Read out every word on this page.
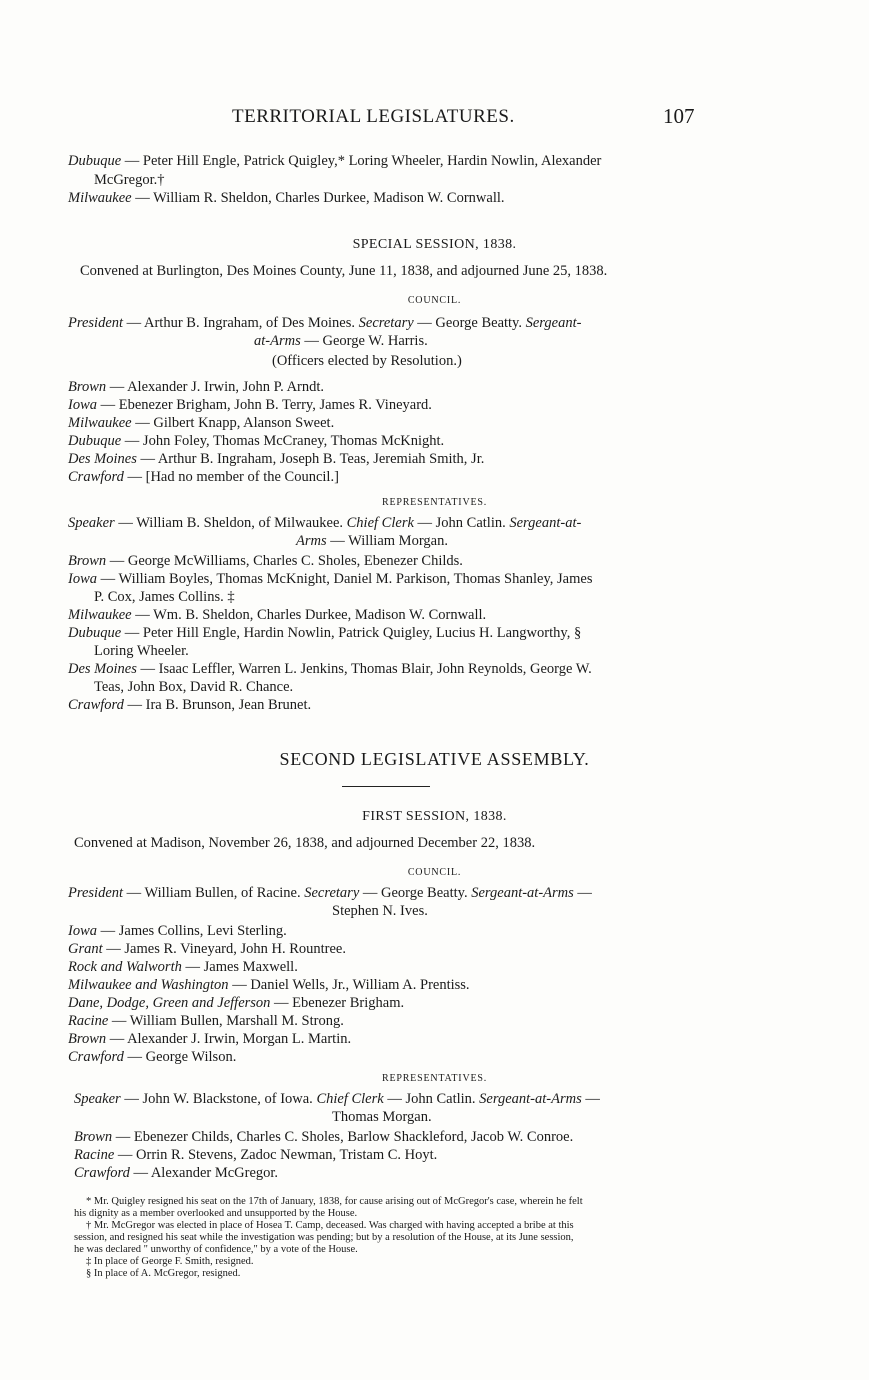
TERRITORIAL LEGISLATURES.	107
Dubuque — Peter Hill Engle, Patrick Quigley,* Loring Wheeler, Hardin Nowlin, Alexander
McGregor.†
Milwaukee — William R. Sheldon, Charles Durkee, Madison W. Cornwall.
SPECIAL SESSION, 1838.
Convened at Burlington, Des Moines County, June 11, 1838, and adjourned June 25, 1838.
COUNCIL.
President — Arthur B. Ingraham, of Des Moines. Secretary — George Beatty. Sergeant-
at-Arms — George W. Harris.
(Officers elected by Resolution.)
Brown — Alexander J. Irwin, John P. Arndt.
Iowa — Ebenezer Brigham, John B. Terry, James R. Vineyard.
Milwaukee — Gilbert Knapp, Alanson Sweet.
Dubuque — John Foley, Thomas McCraney, Thomas McKnight.
Des Moines — Arthur B. Ingraham, Joseph B. Teas, Jeremiah Smith, Jr.
Crawford — [Had no member of the Council.]
REPRESENTATIVES.
Speaker — William B. Sheldon, of Milwaukee. Chief Clerk — John Catlin. Sergeant-at-
Arms — William Morgan.
Brown — George McWilliams, Charles C. Sholes, Ebenezer Childs.
Iowa — William Boyles, Thomas McKnight, Daniel M. Parkison, Thomas Shanley, James
P. Cox, James Collins. ‡
Milwaukee — Wm. B. Sheldon, Charles Durkee, Madison W. Cornwall.
Dubuque — Peter Hill Engle, Hardin Nowlin, Patrick Quigley, Lucius H. Langworthy, §
Loring Wheeler.
Des Moines — Isaac Leffler, Warren L. Jenkins, Thomas Blair, John Reynolds, George W.
Teas, John Box, David R. Chance.
Crawford — Ira B. Brunson, Jean Brunet.
SECOND LEGISLATIVE ASSEMBLY.
FIRST SESSION, 1838.
Convened at Madison, November 26, 1838, and adjourned December 22, 1838.
COUNCIL.
President — William Bullen, of Racine. Secretary — George Beatty. Sergeant-at-Arms —
Stephen N. Ives.
Iowa — James Collins, Levi Sterling.
Grant — James R. Vineyard, John H. Rountree.
Rock and Walworth — James Maxwell.
Milwaukee and Washington — Daniel Wells, Jr., William A. Prentiss.
Dane, Dodge, Green and Jefferson — Ebenezer Brigham.
Racine — William Bullen, Marshall M. Strong.
Brown — Alexander J. Irwin, Morgan L. Martin.
Crawford — George Wilson.
REPRESENTATIVES.
Speaker — John W. Blackstone, of Iowa. Chief Clerk — John Catlin. Sergeant-at-Arms —
Thomas Morgan.
Brown — Ebenezer Childs, Charles C. Sholes, Barlow Shackleford, Jacob W. Conroe.
Racine — Orrin R. Stevens, Zadoc Newman, Tristam C. Hoyt.
Crawford — Alexander McGregor.
* Mr. Quigley resigned his seat on the 17th of January, 1838, for cause arising out of McGregor's case, wherein he felt
his dignity as a member overlooked and unsupported by the House.
† Mr. McGregor was elected in place of Hosea T. Camp, deceased. Was charged with having accepted a bribe at this
session, and resigned his seat while the investigation was pending; but by a resolution of the House, at its June session,
he was declared " unworthy of confidence," by a vote of the House.
‡ In place of George F. Smith, resigned.
§ In place of A. McGregor, resigned.
